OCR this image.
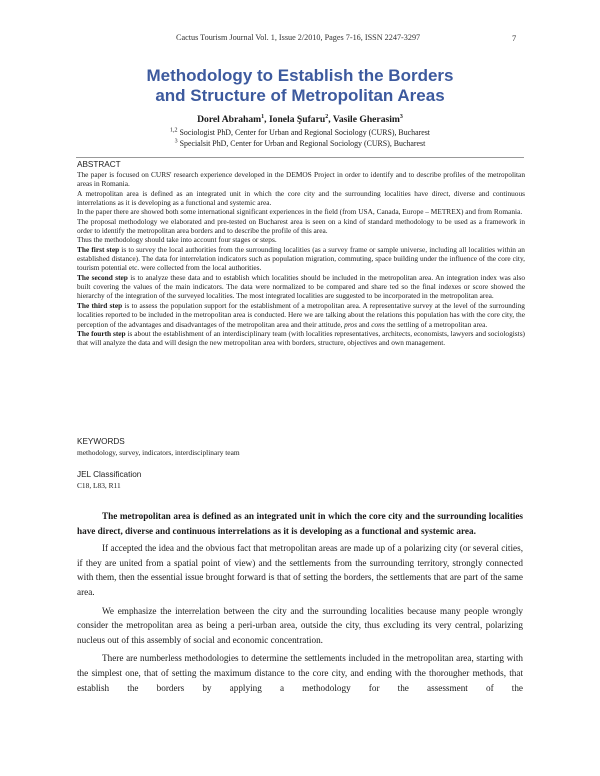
Cactus Tourism Journal Vol. 1, Issue 2/2010, Pages 7-16, ISSN 2247-3297	7
Methodology to Establish the Borders
and Structure of Metropolitan Areas
Dorel Abraham$^1$, Ionela Şufaru$^2$, Vasile Gherasim$^3$
$^{1,2}$ Sociologist PhD, Center for Urban and Regional Sociology (CURS), Bucharest
$^3$ Specialsit PhD, Center for Urban and Regional Sociology (CURS), Bucharest
ABSTRACT

The paper is focused on CURS' research experience developed in the DEMOS Project in order to identify and to describe profiles of the metropolitan areas in Romania.

A metropolitan area is defined as an integrated unit in which the core city and the surrounding localities have direct, diverse and continuous interrelations as it is developing as a functional and systemic area.

In the paper there are showed both some international significant experiences in the field (from USA, Canada, Europe – METREX) and from Romania.

The proposal methodology we elaborated and pre-tested on Bucharest area is seen on a kind of standard methodology to be used as a framework in order to identify the metropolitan area borders and to describe the profile of this area.

Thus the methodology should take into account four stages or steps.

The first step is to survey the local authorities from the surrounding localities (as a survey frame or sample universe, including all localities within an established distance). The data for interrelation indicators such as population migration, commuting, space building under the influence of the core city, tourism potential etc. were collected from the local authorities.

The second step is to analyze these data and to establish which localities should be included in the metropolitan area. An integration index was also built covering the values of the main indicators. The data were normalized to be compared and share ted so the final indexes or score showed the hierarchy of the integration of the surveyed localities. The most integrated localities are suggested to be incorporated in the metropolitan area.

The third step is to assess the population support for the establishment of a metropolitan area. A representative survey at the level of the surrounding localities reported to be included in the metropolitan area is conducted. Here we are talking about the relations this population has with the core city, the perception of the advantages and disadvantages of the metropolitan area and their attitude, pros and cons the settling of a metropolitan area.

The fourth step is about the establishment of an interdisciplinary team (with localities representatives, architects, economists, lawyers and sociologists) that will analyze the data and will design the new metropolitan area with borders, structure, objectives and own management.

KEYWORDS
methodology, survey, indicators, interdisciplinary team
JEL Classification
C18, L83, R11

The metropolitan area is defined as an integrated unit in which the core city and the surrounding localities have direct, diverse and continuous interrelations as it is developing as a functional and systemic area.

If accepted the idea and the obvious fact that metropolitan areas are made up of a polarizing city (or several cities, if they are united from a spatial point of view) and the settlements from the surrounding territory, strongly connected with them, then the essential issue brought forward is that of setting the borders, the settlements that are part of the same area.

We emphasize the interrelation between the city and the surrounding localities because many people wrongly consider the metropolitan area as being a peri-urban area, outside the city, thus excluding its very central, polarizing nucleus out of this assembly of social and economic concentration.

There are numberless methodologies to determine the settlements included in the metropolitan area, starting with the simplest one, that of setting the maximum distance to the core city, and ending with the thorougher methods, that establish the borders by applying a methodology for the assessment of the
